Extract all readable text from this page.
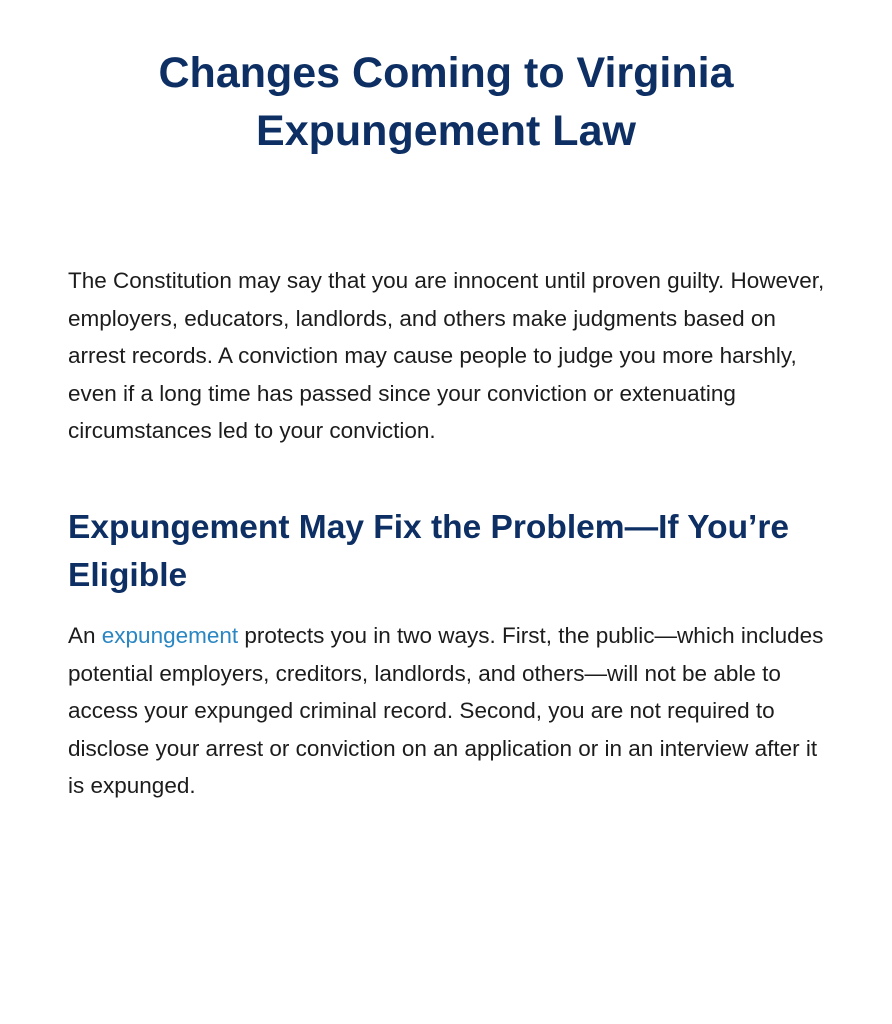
Changes Coming to Virginia Expungement Law

The Constitution may say that you are innocent until proven guilty. However, employers, educators, landlords, and others make judgments based on arrest records. A conviction may cause people to judge you more harshly, even if a long time has passed since your conviction or extenuating circumstances led to your conviction.

Expungement May Fix the Problem—If You’re Eligible

An expungement protects you in two ways. First, the public—which includes potential employers, creditors, landlords, and others—will not be able to access your expunged criminal record. Second, you are not required to disclose your arrest or conviction on an application or in an interview after it is expunged.
